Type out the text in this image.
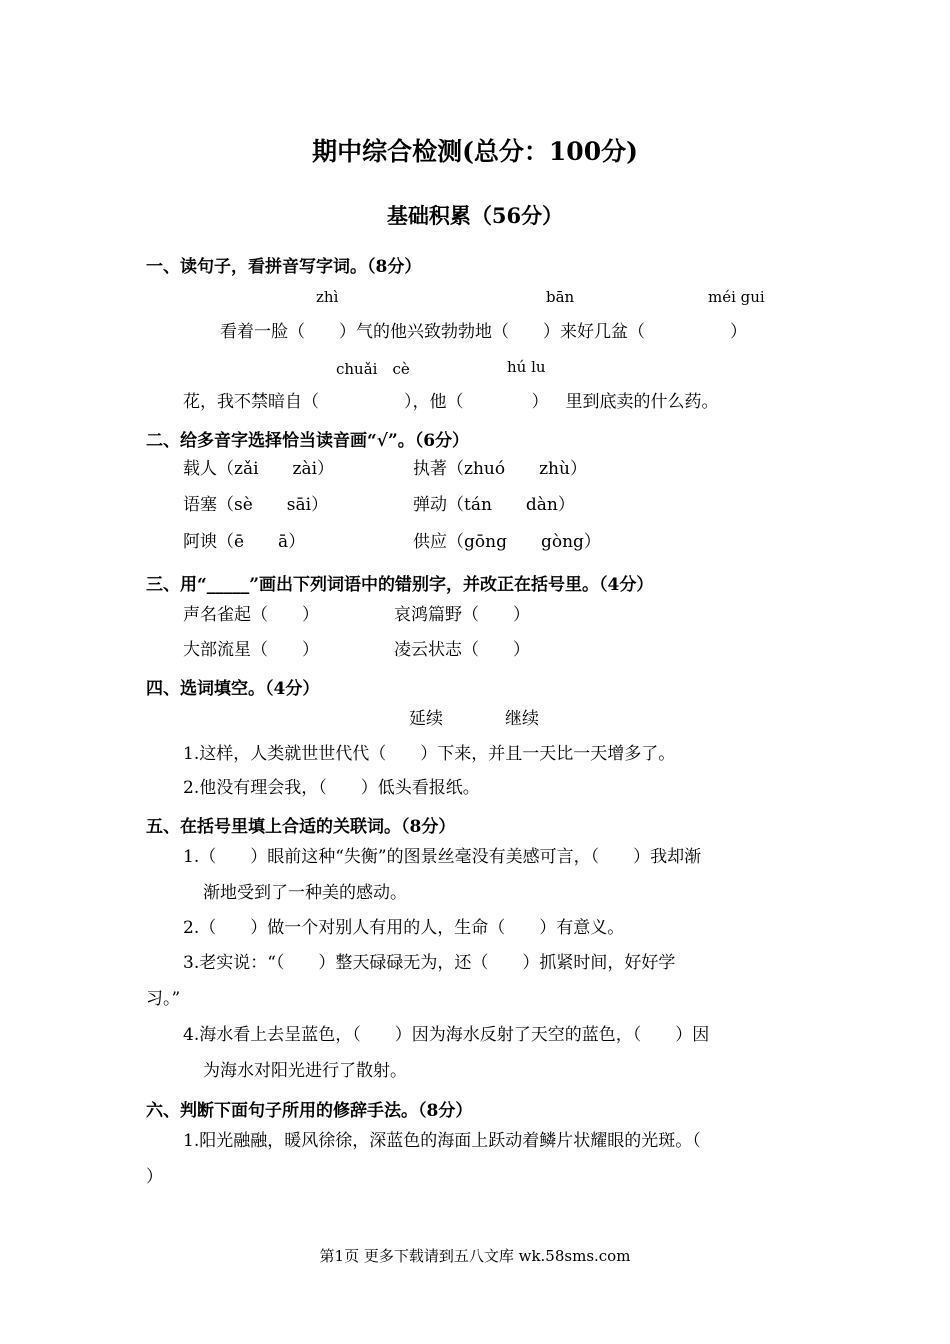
期中综合检测(总分：100分)
基础积累（56分）
一、读句子，看拼音写字词。（8分）
zhì	bān	méi gui
看着一脸（　　 ）气的他兴致勃勃地（　　 ）来好几盆（　　　　　	）
chuǎi　cè	hú lu
花，我不禁暗自（　　　　　	），他（　　　　	） 里到底卖的什么药。
二、给多音字选择恰当读音画“√”。（6分）
载人（zǎi　　zài）	执著（zhuó　　zhù）
语塞（sè　　sāi）	弹动（tán　　dàn）
阿谀（ē　　ā）	供应（gōng　　gòng）
三、用“_____”画出下列词语中的错别字，并改正在括号里。（4分）
声名雀起（　　）	哀鸿篇野（　　）
大部流星（　　）	凌云状志（　　）
四、选词填空。（4分）
延续	继续
1.这样，人类就世世代代（　　）下来，并且一天比一天增多了。
2.他没有理会我，（　　）低头看报纸。
五、在括号里填上合适的关联词。（8分）
1.（　　）眼前这种“失衡”的图景丝毫没有美感可言，（　　）我却渐
渐地受到了一种美的感动。
2.（　　）做一个对别人有用的人，生命（　　）有意义。
3.老实说：“（　　）整天碌碌无为，还（　　）抓紧时间，好好学
习。”
4.海水看上去呈蓝色，（　　）因为海水反射了天空的蓝色，（　　）因
为海水对阳光进行了散射。
六、判断下面句子所用的修辞手法。（8分）
1.阳光融融，暖风徐徐，深蓝色的海面上跃动着鳞片状耀眼的光斑。（
）
第1页 更多下载请到五八文库 wk.58sms.com
